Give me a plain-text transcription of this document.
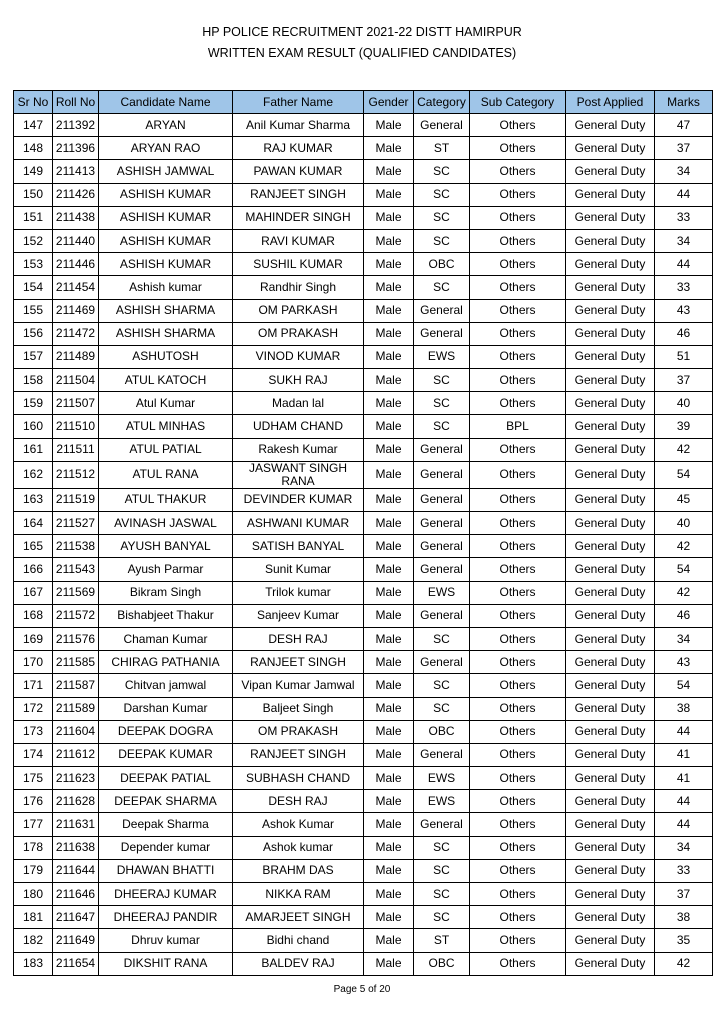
HP POLICE RECRUITMENT 2021-22 DISTT HAMIRPUR
WRITTEN EXAM RESULT (QUALIFIED CANDIDATES)
Sr No	Roll No	Candidate Name	Father Name	Gender	Category	Sub Category	Post Applied	Marks
147	211392	ARYAN	Anil Kumar Sharma	Male	General	Others	General Duty	47
148	211396	ARYAN RAO	RAJ KUMAR	Male	ST	Others	General Duty	37
149	211413	ASHISH JAMWAL	PAWAN KUMAR	Male	SC	Others	General Duty	34
150	211426	ASHISH KUMAR	RANJEET SINGH	Male	SC	Others	General Duty	44
151	211438	ASHISH KUMAR	MAHINDER SINGH	Male	SC	Others	General Duty	33
152	211440	ASHISH KUMAR	RAVI KUMAR	Male	SC	Others	General Duty	34
153	211446	ASHISH KUMAR	SUSHIL KUMAR	Male	OBC	Others	General Duty	44
154	211454	Ashish kumar	Randhir Singh	Male	SC	Others	General Duty	33
155	211469	ASHISH SHARMA	OM PARKASH	Male	General	Others	General Duty	43
156	211472	ASHISH SHARMA	OM PRAKASH	Male	General	Others	General Duty	46
157	211489	ASHUTOSH	VINOD KUMAR	Male	EWS	Others	General Duty	51
158	211504	ATUL KATOCH	SUKH RAJ	Male	SC	Others	General Duty	37
159	211507	Atul Kumar	Madan lal	Male	SC	Others	General Duty	40
160	211510	ATUL MINHAS	UDHAM CHAND	Male	SC	BPL	General Duty	39
161	211511	ATUL PATIAL	Rakesh Kumar	Male	General	Others	General Duty	42
162	211512	ATUL RANA	JASWANT SINGH RANA	Male	General	Others	General Duty	54
163	211519	ATUL THAKUR	DEVINDER KUMAR	Male	General	Others	General Duty	45
164	211527	AVINASH JASWAL	ASHWANI KUMAR	Male	General	Others	General Duty	40
165	211538	AYUSH BANYAL	SATISH BANYAL	Male	General	Others	General Duty	42
166	211543	Ayush Parmar	Sunit Kumar	Male	General	Others	General Duty	54
167	211569	Bikram Singh	Trilok kumar	Male	EWS	Others	General Duty	42
168	211572	Bishabjeet Thakur	Sanjeev Kumar	Male	General	Others	General Duty	46
169	211576	Chaman Kumar	DESH RAJ	Male	SC	Others	General Duty	34
170	211585	CHIRAG PATHANIA	RANJEET SINGH	Male	General	Others	General Duty	43
171	211587	Chitvan jamwal	Vipan Kumar Jamwal	Male	SC	Others	General Duty	54
172	211589	Darshan Kumar	Baljeet Singh	Male	SC	Others	General Duty	38
173	211604	DEEPAK DOGRA	OM PRAKASH	Male	OBC	Others	General Duty	44
174	211612	DEEPAK KUMAR	RANJEET SINGH	Male	General	Others	General Duty	41
175	211623	DEEPAK PATIAL	SUBHASH CHAND	Male	EWS	Others	General Duty	41
176	211628	DEEPAK SHARMA	DESH RAJ	Male	EWS	Others	General Duty	44
177	211631	Deepak Sharma	Ashok Kumar	Male	General	Others	General Duty	44
178	211638	Depender kumar	Ashok kumar	Male	SC	Others	General Duty	34
179	211644	DHAWAN BHATTI	BRAHM DAS	Male	SC	Others	General Duty	33
180	211646	DHEERAJ KUMAR	NIKKA RAM	Male	SC	Others	General Duty	37
181	211647	DHEERAJ PANDIR	AMARJEET SINGH	Male	SC	Others	General Duty	38
182	211649	Dhruv kumar	Bidhi chand	Male	ST	Others	General Duty	35
183	211654	DIKSHIT RANA	BALDEV RAJ	Male	OBC	Others	General Duty	42
Page 5 of 20
